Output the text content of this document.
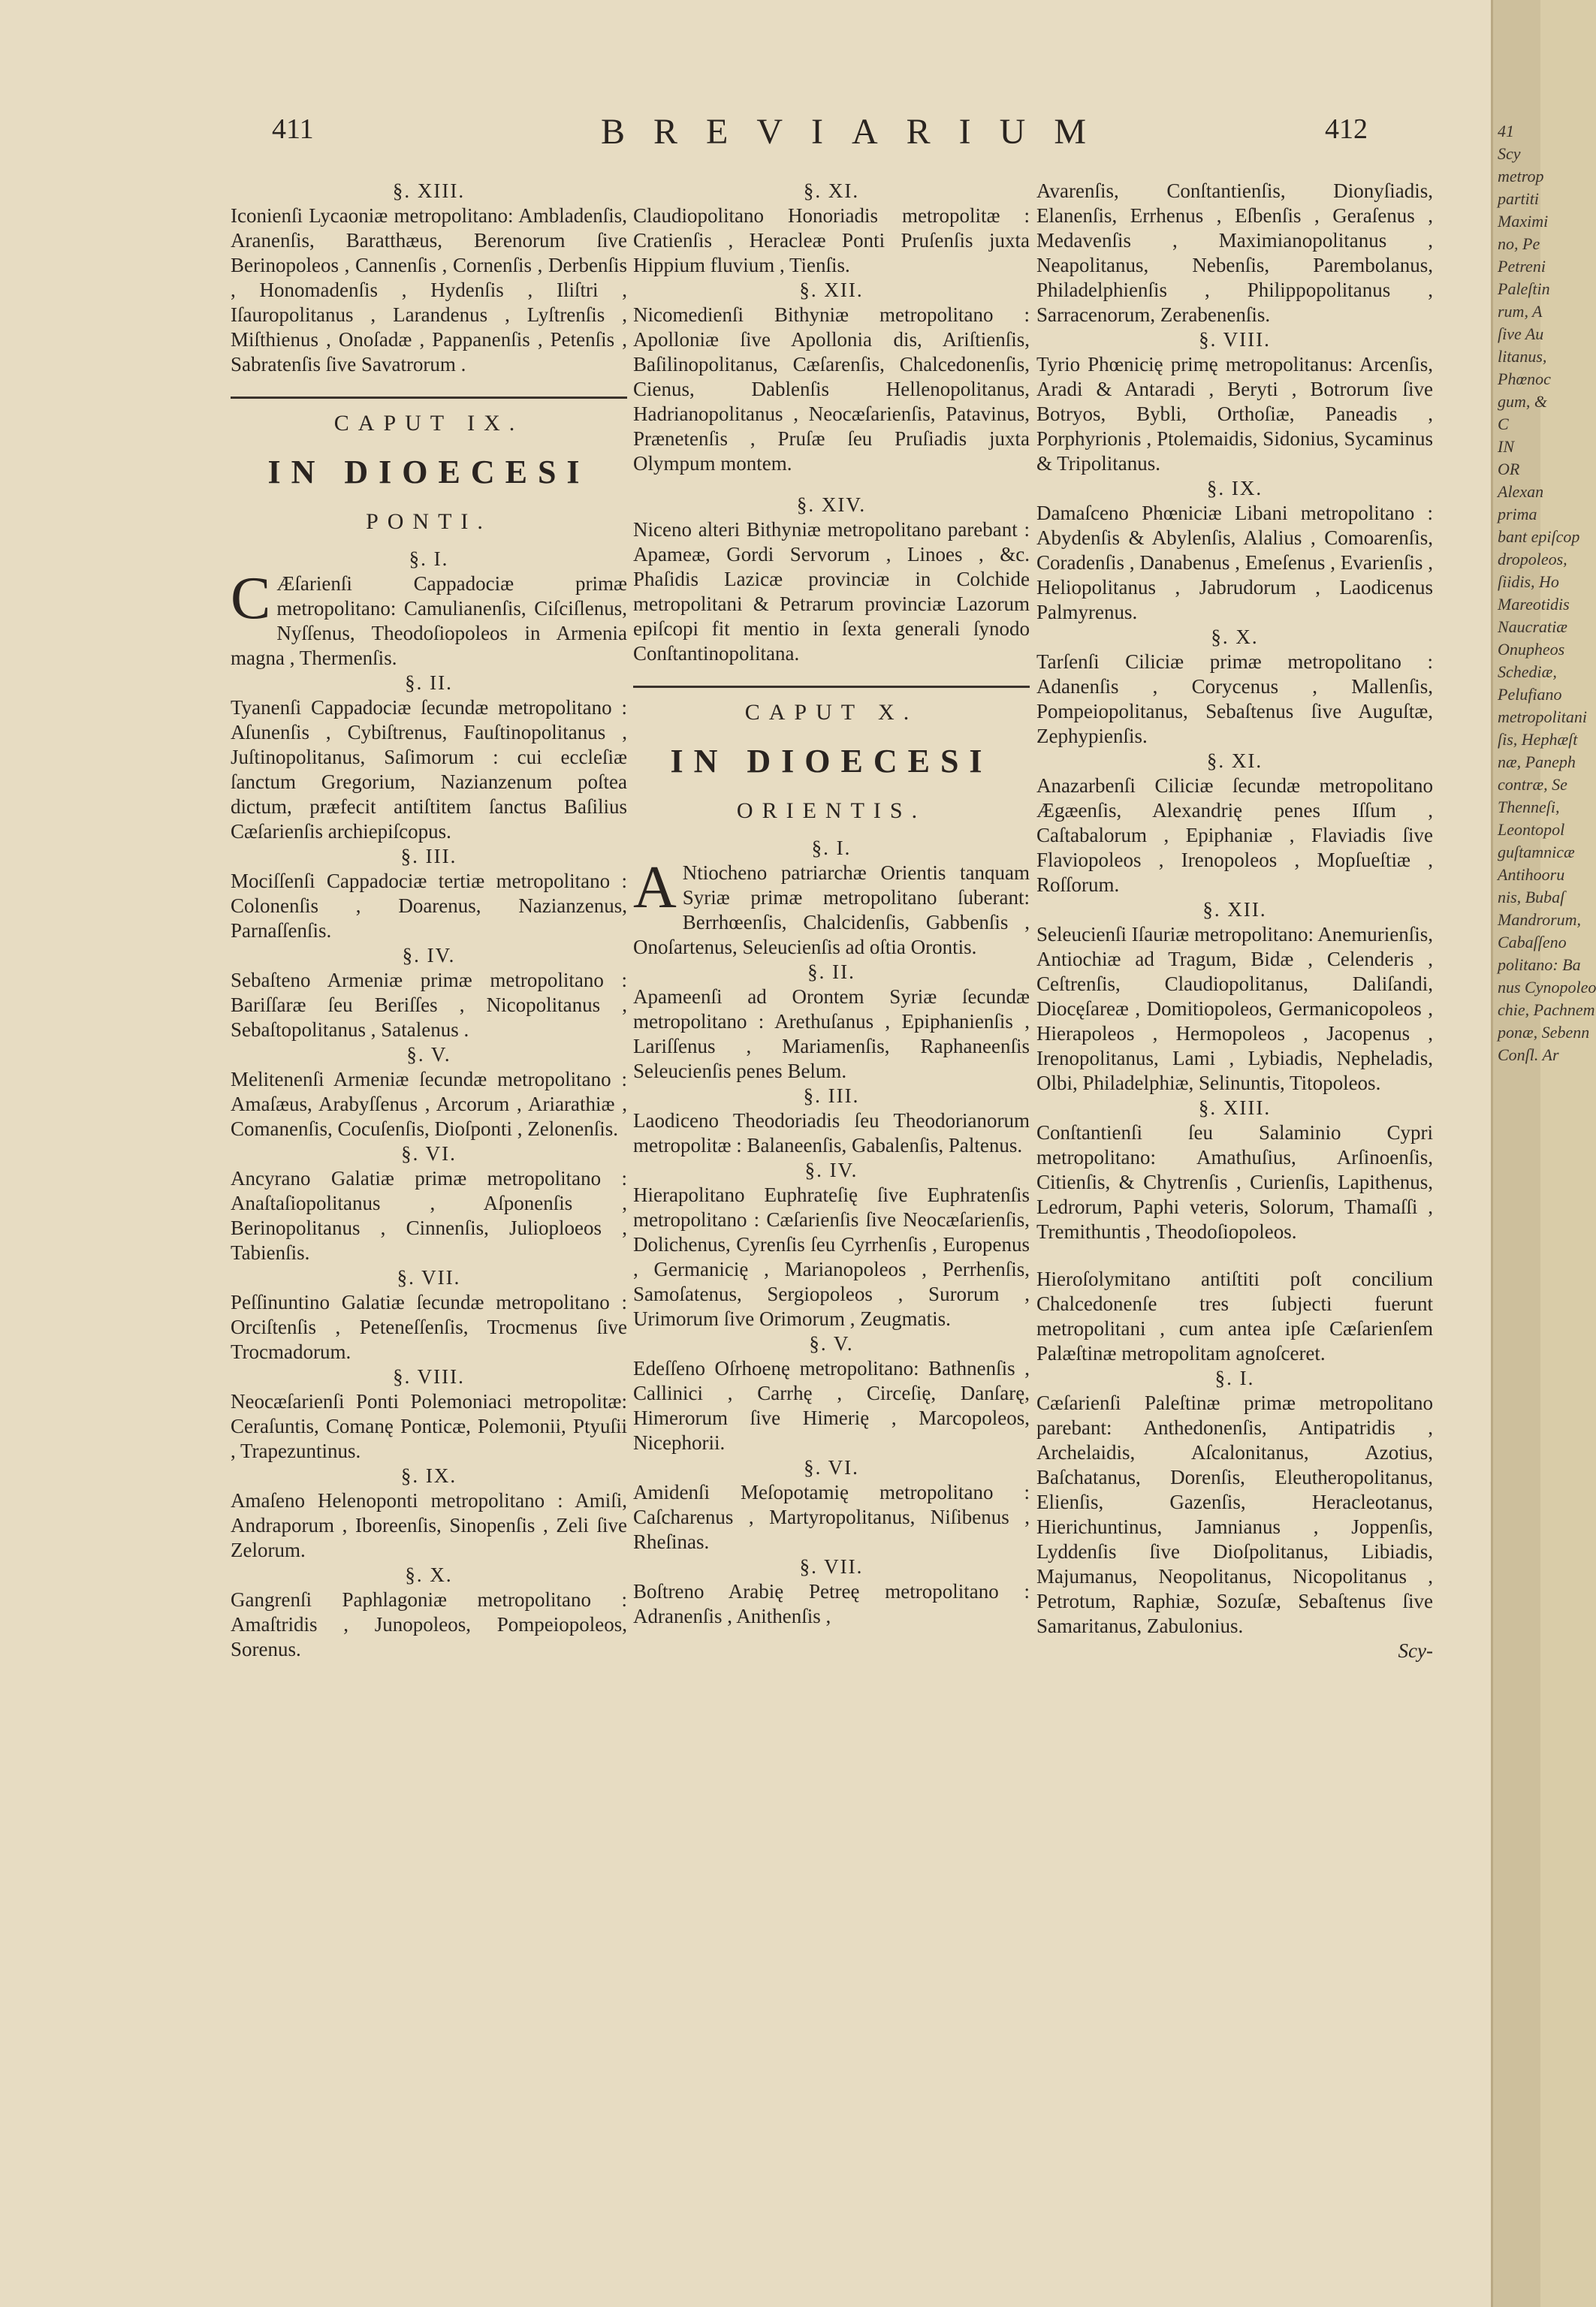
411	BREVIARIUM	412
§. XIII.

Iconienſi Lycaoniæ metropolitano: Ambladenſis, Aranenſis, Baratthæus, Berenorum ſive Berinopoleos , Cannenſis , Cornenſis , Derbenſis , Honomadenſis , Hydenſis , Iliſtri , Iſauropolitanus , Larandenus , Lyſtrenſis , Miſthienus , Onoſadæ , Pappanenſis , Petenſis , Sabratenſis ſive Savatrorum .

CAPUT IX.
IN DIOECESI
PONTI.
§. I.

C Æſarienſi Cappadociæ primæ metropolitano: Camulianenſis, Ciſciſlenus, Nyſſenus, Theodoſiopoleos in Armenia magna , Thermenſis.

§. II.

Tyanenſi Cappadociæ ſecundæ metropolitano : Aſunenſis , Cybiſtrenus, Fauſtinopolitanus , Juſtinopolitanus, Saſimorum : cui eccleſiæ ſanctum Gregorium, Nazianzenum poſtea dictum, præfecit antiſtitem ſanctus Baſilius Cæſarienſis archiepiſcopus.

§. III.

Mociſſenſi Cappadociæ tertiæ metropolitano : Colonenſis , Doarenus, Nazianzenus, Parnaſſenſis.

§. IV.

Sebaſteno Armeniæ primæ metropolitano : Bariſſaræ ſeu Beriſſes , Nicopolitanus , Sebaſtopolitanus , Satalenus .

§. V.

Melitenenſi Armeniæ ſecundæ metropolitano : Amaſæus, Arabyſſenus , Arcorum , Ariarathiæ , Comanenſis, Cocuſenſis, Dioſponti , Zelonenſis.

§. VI.

Ancyrano Galatiæ primæ metropolitano : Anaſtaſiopolitanus , Aſponenſis , Berinopolitanus , Cinnenſis, Julioploeos , Tabienſis.

§. VII.

Peſſinuntino Galatiæ ſecundæ metropolitano : Orciſtenſis , Peteneſſenſis, Trocmenus ſive Trocmadorum.

§. VIII.

Neocæſarienſi Ponti Polemoniaci metropolitæ: Ceraſuntis, Comanę Ponticæ, Polemonii, Ptyuſii , Trapezuntinus.

§. IX.

Amaſeno Helenoponti metropolitano : Amiſi, Andraporum , Iboreenſis, Sinopenſis , Zeli ſive Zelorum.

§. X.

Gangrenſi Paphlagoniæ metropolitano : Amaſtridis , Junopoleos, Pompeiopoleos, Sorenus.

§. XI.

Claudiopolitano Honoriadis metropolitæ : Cratienſis , Heracleæ Ponti Pruſenſis juxta Hippium fluvium , Tienſis.

§. XII.

Nicomedienſi Bithyniæ metropolitano : Apolloniæ ſive Apollonia dis, Ariſtienſis, Baſilinopolitanus, Cæſarenſis, Chalcedonenſis, Cienus, Dablenſis Hellenopolitanus, Hadrianopolitanus , Neocæſarienſis, Patavinus, Prænetenſis , Pruſæ ſeu Pruſiadis juxta Olympum montem.

§. XIV.

Niceno alteri Bithyniæ metropolitano parebant : Apameæ, Gordi Servorum , Linoes , &c. Phaſidis Lazicæ provinciæ in Colchide metropolitani & Petrarum provinciæ Lazorum epiſcopi fit mentio in ſexta generali ſynodo Conſtantinopolitana.

CAPUT X.
IN DIOECESI
ORIENTIS.
§. I.

A Ntiocheno patriarchæ Orientis tanquam Syriæ primæ metropolitano ſuberant: Berrhœenſis, Chalcidenſis, Gabbenſis , Onoſartenus, Seleucienſis ad oſtia Orontis.

§. II.

Apameenſi ad Orontem Syriæ ſecundæ metropolitano : Arethuſanus , Epiphanienſis , Lariſſenus , Mariamenſis, Raphaneenſis Seleucienſis penes Belum.

§. III.

Laodiceno Theodoriadis ſeu Theodorianorum metropolitæ : Balaneenſis, Gabalenſis, Paltenus.

§. IV.

Hierapolitano Euphrateſię ſive Euphratenſis metropolitano : Cæſarienſis ſive Neocæſarienſis, Dolichenus, Cyrenſis ſeu Cyrrhenſis , Europenus , Germanicię , Marianopoleos , Perrhenſis, Samoſatenus, Sergiopoleos , Surorum , Urimorum ſive Orimorum , Zeugmatis.

§. V.

Edeſſeno Oſrhoenę metropolitano: Bathnenſis , Callinici , Carrhę , Circeſię, Danſarę, Himerorum ſive Himerię , Marcopoleos, Nicephorii.

§. VI.

Amidenſi Meſopotamię metropolitano : Caſcharenus , Martyropolitanus, Niſibenus , Rheſinas.

§. VII.

Boſtreno Arabię Petreę metropolitano : Adranenſis , Anithenſis ,

Avarenſis, Conſtantienſis, Dionyſiadis, Elanenſis, Errhenus , Eſbenſis , Geraſenus , Medavenſis , Maximianopolitanus , Neapolitanus, Nebenſis, Parembolanus, Philadelphienſis , Philippopolitanus , Sarracenorum, Zerabenenſis.

§. VIII.

Tyrio Phœnicię primę metropolitanus: Arcenſis, Aradi & Antaradi , Beryti , Botrorum ſive Botryos, Bybli, Orthoſiæ, Paneadis , Porphyrionis , Ptolemaidis, Sidonius, Sycaminus & Tripolitanus.

§. IX.

Damaſceno Phœniciæ Libani metropolitano : Abydenſis & Abylenſis, Alalius , Comoarenſis, Coradenſis , Danabenus , Emeſenus , Evarienſis , Heliopolitanus , Jabrudorum , Laodicenus Palmyrenus.

§. X.

Tarſenſi Ciliciæ primæ metropolitano : Adanenſis , Corycenus , Mallenſis, Pompeiopolitanus, Sebaſtenus ſive Auguſtæ, Zephypienſis.

§. XI.

Anazarbenſi Ciliciæ ſecundæ metropolitano Ægæenſis, Alexandrię penes Iſſum , Caſtabalorum , Epiphaniæ , Flaviadis ſive Flaviopoleos , Irenopoleos , Mopſueſtiæ , Roſſorum.

§. XII.

Seleucienſi Iſauriæ metropolitano: Anemurienſis, Antiochiæ ad Tragum, Bidæ , Celenderis , Ceſtrenſis, Claudiopolitanus, Daliſandi, Diocęſareæ , Domitiopoleos, Germanicopoleos , Hierapoleos , Hermopoleos , Jacopenus , Irenopolitanus, Lami , Lybiadis, Nepheladis, Olbi, Philadelphiæ, Selinuntis, Titopoleos.

§. XIII.

Conſtantienſi ſeu Salaminio Cypri metropolitano: Amathuſius, Arſinoenſis, Citienſis, & Chytrenſis , Curienſis, Lapithenus, Ledrorum, Paphi veteris, Solorum, Thamaſſi , Tremithuntis , Theodoſiopoleos.

Hieroſolymitano antiſtiti poſt concilium Chalcedonenſe tres ſubjecti fuerunt metropolitani , cum antea ipſe Cæſarienſem Palæſtinæ metropolitam agnoſceret.

§. I.

Cæſarienſi Paleſtinæ primæ metropolitano parebant: Anthedonenſis, Antipatridis , Archelaidis, Aſcalonitanus, Azotius, Baſchatanus, Dorenſis, Eleutheropolitanus, Elienſis, Gazenſis, Heracleotanus, Hierichuntinus, Jamnianus , Joppenſis, Lyddenſis ſive Dioſpolitanus, Libiadis, Majumanus, Neopolitanus, Nicopolitanus , Petrotum, Raphiæ, Sozuſæ, Sebaſtenus ſive Samaritanus, Zabulonius.

Scy-
41
Scy
metrop
partiti
Maximi
no, Pe
Petreni
Paleſtin
rum, A
ſive Au
litanus,
Phœnoc
gum, &
C
IN
OR
Alexan
prima
bant epiſcop
dropoleos,
ſiidis, Ho
Mareotidis
Naucratiæ
Onupheos
Schediæ,
Pelufiano
metropolitani
ſis, Hephæſt
næ, Paneph
contræ, Se
Thenneſi,
Leontopol
guſtamnicæ
Antihooru
nis, Bubaſ
Mandrorum,
Cabaſſeno
politano: Ba
nus Cynopoleo
chie, Pachnem
ponæ, Sebenn
Conſl. Ar
